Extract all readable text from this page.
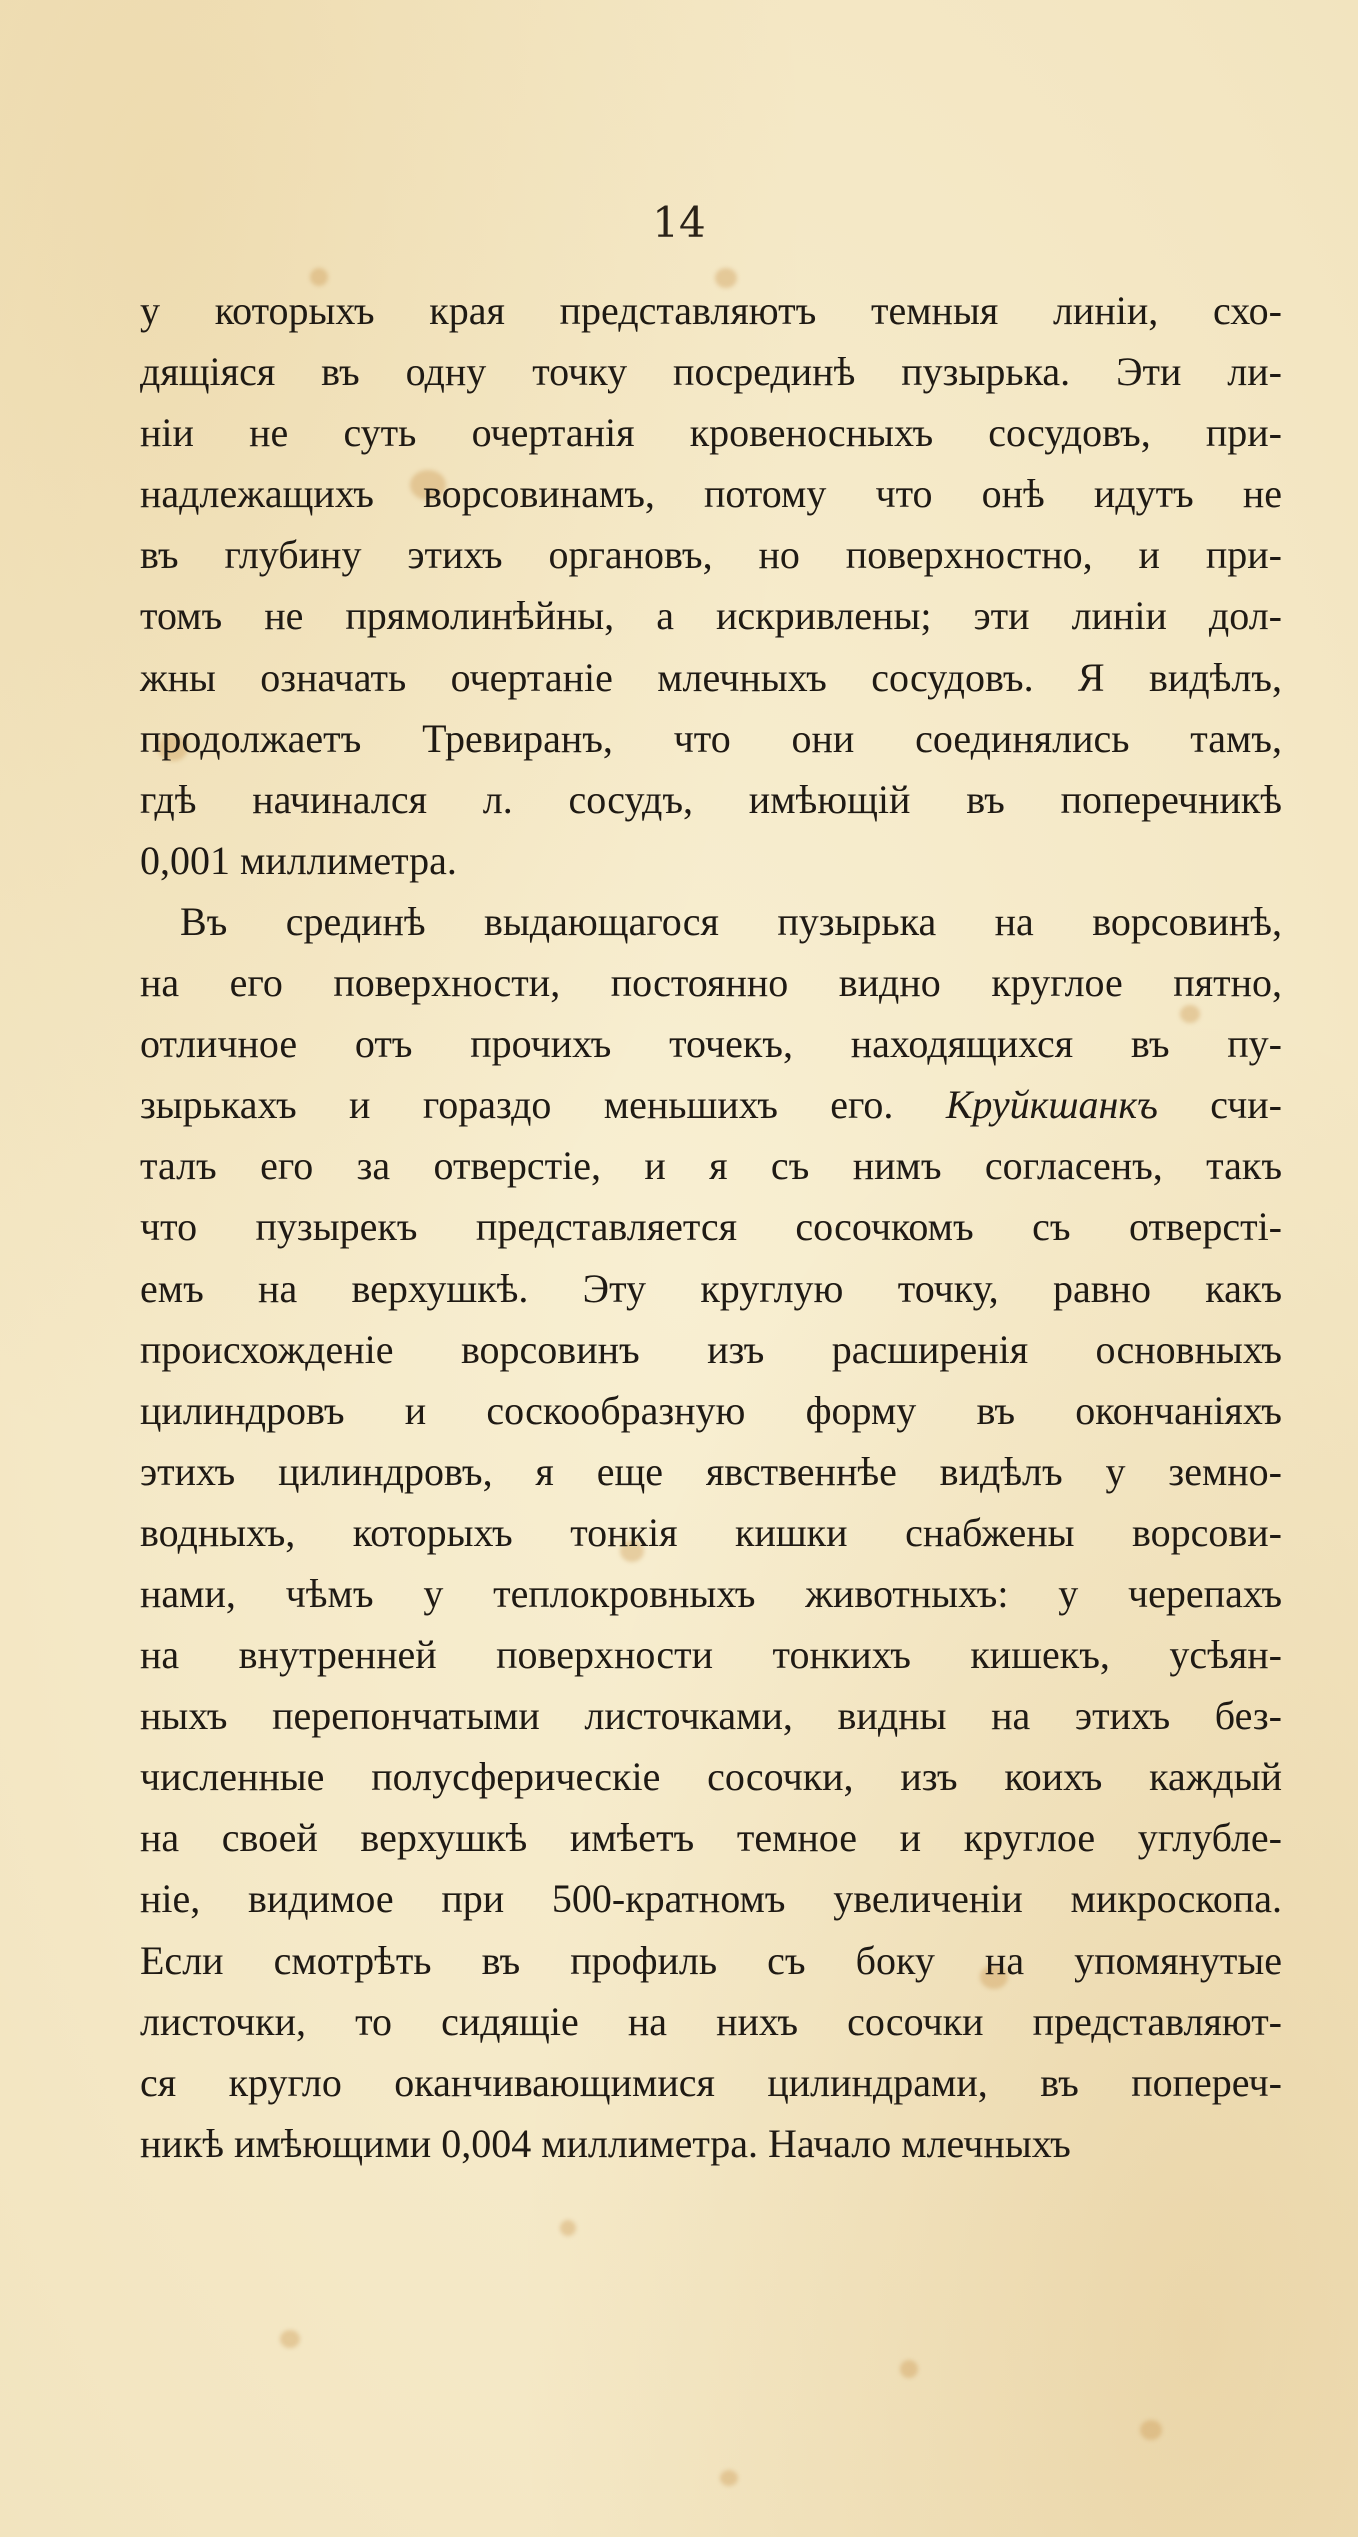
14
у которыхъ края представляютъ темныя линіи, схо-
дящіяся въ одну точку посрединѣ пузырька. Эти ли-
ніи не суть очертанія кровеносныхъ сосудовъ, при-
надлежащихъ ворсовинамъ, потому что онѣ идутъ не
въ глубину этихъ органовъ, но поверхностно, и при-
томъ не прямолинѣйны, а искривлены; эти линіи дол-
жны означать очертаніе млечныхъ сосудовъ. Я видѣлъ,
продолжаетъ Тревиранъ, что они соединялись тамъ,
гдѣ начинался л. сосудъ, имѣющій въ поперечникѣ
0,001 миллиметра.
Въ срединѣ выдающагося пузырька на ворсовинѣ,
на его поверхности, постоянно видно круглое пятно,
отличное отъ прочихъ точекъ, находящихся въ пу-
зырькахъ и гораздо меньшихъ его. Круйкшанкъ счи-
талъ его за отверстіе, и я съ нимъ согласенъ, такъ
что пузырекъ представляется сосочкомъ съ отверсті-
емъ на верхушкѣ. Эту круглую точку, равно какъ
происхожденіе ворсовинъ изъ расширенія основныхъ
цилиндровъ и соскообразную форму въ окончаніяхъ
этихъ цилиндровъ, я еще явственнѣе видѣлъ у земно-
водныхъ, которыхъ тонкія кишки снабжены ворсови-
нами, чѣмъ у теплокровныхъ животныхъ: у черепахъ
на внутренней поверхности тонкихъ кишекъ, усѣян-
ныхъ перепончатыми листочками, видны на этихъ без-
численные полусферическіе сосочки, изъ коихъ каждый
на своей верхушкѣ имѣетъ темное и круглое углубле-
ніе, видимое при 500-кратномъ увеличеніи микроскопа.
Если смотрѣть въ профиль съ боку на упомянутые
листочки, то сидящіе на нихъ сосочки представляют-
ся кругло оканчивающимися цилиндрами, въ попереч-
никѣ имѣющими 0,004 миллиметра. Начало млечныхъ
